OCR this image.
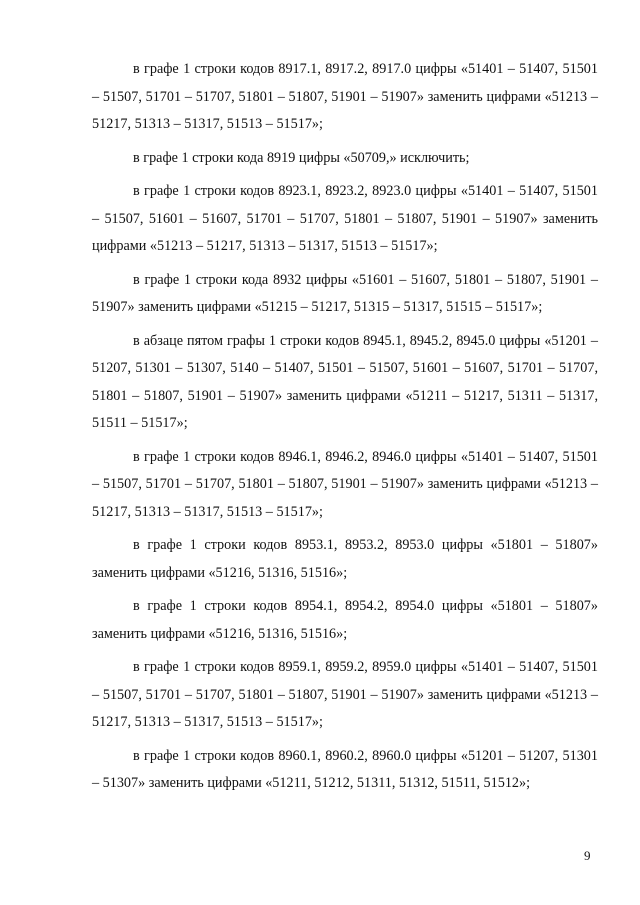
в графе 1 строки кодов 8917.1, 8917.2, 8917.0 цифры «51401 – 51407, 51501 – 51507, 51701 – 51707, 51801 – 51807, 51901 – 51907» заменить цифрами «51213 – 51217, 51313 – 51317, 51513 – 51517»;

в графе 1 строки кода 8919 цифры «50709,» исключить;

в графе 1 строки кодов 8923.1, 8923.2, 8923.0 цифры «51401 – 51407, 51501 – 51507, 51601 – 51607, 51701 – 51707, 51801 – 51807, 51901 – 51907» заменить цифрами «51213 – 51217, 51313 – 51317, 51513 – 51517»;

в графе 1 строки кода 8932 цифры «51601 – 51607, 51801 – 51807, 51901 – 51907» заменить цифрами «51215 – 51217, 51315 – 51317, 51515 – 51517»;

в абзаце пятом графы 1 строки кодов 8945.1, 8945.2, 8945.0 цифры «51201 – 51207, 51301 – 51307, 5140 – 51407, 51501 – 51507, 51601 – 51607, 51701 – 51707, 51801 – 51807, 51901 – 51907» заменить цифрами «51211 – 51217, 51311 – 51317, 51511 – 51517»;

в графе 1 строки кодов 8946.1, 8946.2, 8946.0 цифры «51401 – 51407, 51501 – 51507, 51701 – 51707, 51801 – 51807, 51901 – 51907» заменить цифрами «51213 – 51217, 51313 – 51317, 51513 – 51517»;

в графе 1 строки кодов 8953.1, 8953.2, 8953.0 цифры «51801 – 51807» заменить цифрами «51216, 51316, 51516»;

в графе 1 строки кодов 8954.1, 8954.2, 8954.0 цифры «51801 – 51807» заменить цифрами «51216, 51316, 51516»;

в графе 1 строки кодов 8959.1, 8959.2, 8959.0 цифры «51401 – 51407, 51501 – 51507, 51701 – 51707, 51801 – 51807, 51901 – 51907» заменить цифрами «51213 – 51217, 51313 – 51317, 51513 – 51517»;

в графе 1 строки кодов 8960.1, 8960.2, 8960.0 цифры «51201 – 51207, 51301 – 51307» заменить цифрами «51211, 51212, 51311, 51312, 51511, 51512»;

9
